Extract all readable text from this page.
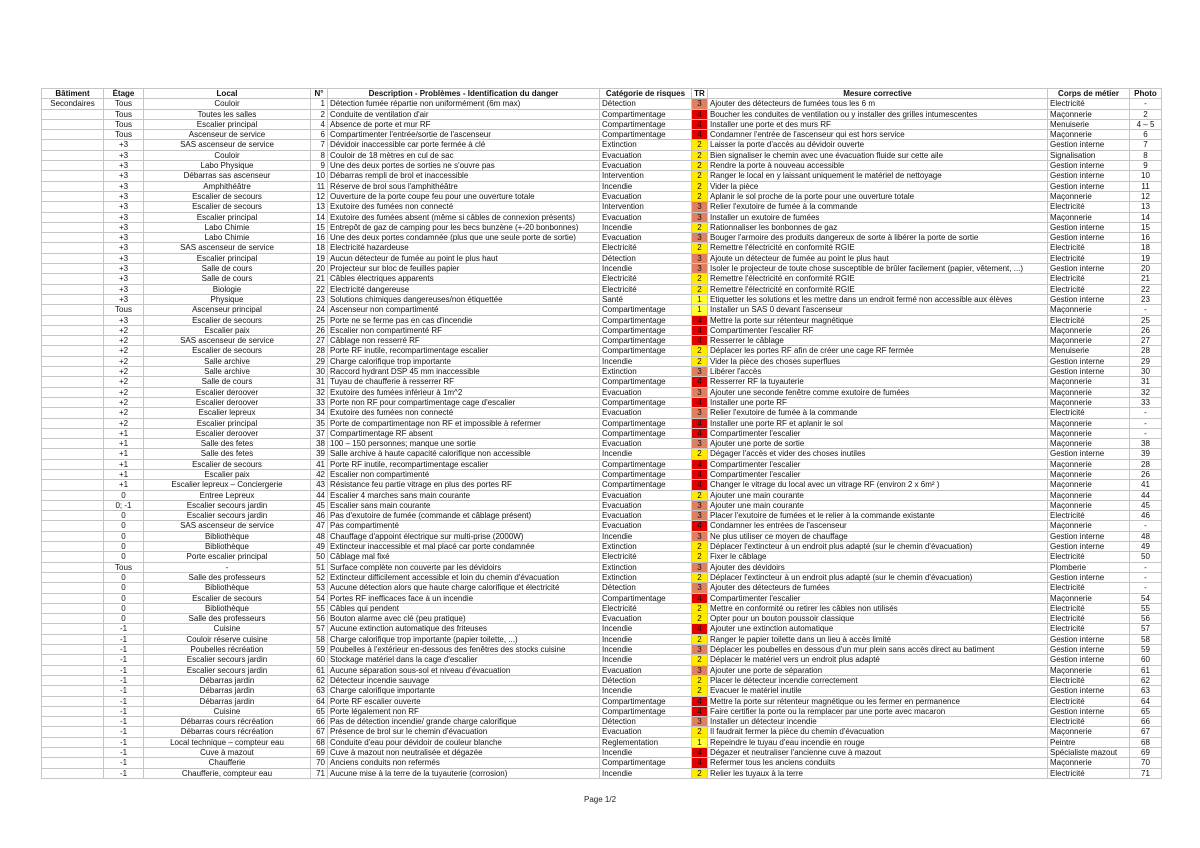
Bâtiment	Étage	Local	N°	Description - Problèmes - Identification du danger	Catégorie de risques	TR	Mesure corrective	Corps de métier	Photo
Secondaires	Tous	Couloir	1	Détection fumée répartie non uniformément (6m max)	Détection	3	Ajouter des détecteurs de fumées tous les 6 m	Electricité	-
	Tous	Toutes les salles	2	Conduite de ventilation d'air	Compartimentage	4	Boucher les conduites de ventilation ou y installer des grilles intumescentes	Maçonnerie	2
	Tous	Escalier principal	4	Absence de porte et mur RF	Compartimentage	4	Installer une porte et des murs RF	Menuiserie	4 – 5
	Tous	Ascenseur de service	6	Compartimenter l'entrée/sortie de l'ascenseur	Compartimentage	4	Condamner l'entrée de l'ascenseur qui est hors service	Maçonnerie	6
	+3	SAS ascenseur de service	7	Dévidoir inaccessible car porte fermée à clé	Extinction	2	Laisser la porte d'accès au dévidoir ouverte	Gestion interne	7
	+3	Couloir	8	Couloir de 18 mètres en cul de sac	Evacuation	2	Bien signaliser le chemin avec une évacuation fluide sur cette aile	Signalisation	8
	+3	Labo Physique	9	Une des deux portes de sorties ne s'ouvre pas	Evacuation	2	Rendre la porte à nouveau accessible	Gestion interne	9
	+3	Débarras sas ascenseur	10	Débarras rempli de brol et inaccessible	Intervention	2	Ranger le local en y laissant uniquement le matériel de nettoyage	Gestion interne	10
	+3	Amphithéâtre	11	Réserve de brol sous l'amphithéâtre	Incendie	2	Vider la pièce	Gestion interne	11
	+3	Escalier de secours	12	Ouverture de la porte coupe feu pour une ouverture totale	Evacuation	2	Aplanir le sol proche de la porte pour une ouverture totale	Maçonnerie	12
	+3	Escalier de secours	13	Exutoire des fumées non connecté	Intervention	3	Relier l'exutoire de fumée à la commande	Electricité	13
	+3	Escalier principal	14	Exutoire des fumées absent (même si câbles de connexion présents)	Evacuation	3	Installer un exutoire de fumées	Maçonnerie	14
	+3	Labo Chimie	15	Entrepôt de gaz de camping pour les becs bunzène (+-20 bonbonnes)	Incendie	2	Rationnaliser les bonbonnes de gaz	Gestion interne	15
	+3	Labo Chimie	16	Une des deux portes condamnée (plus que une seule porte de sortie)	Evacuation	3	Bouger l'armoire des produits dangereux de sorte à libérer la porte de sortie	Gestion interne	16
	+3	SAS ascenseur de service	18	Electricité hazardeuse	Electricité	2	Remettre l'électricité en conformité RGIE	Electricité	18
	+3	Escalier principal	19	Aucun détecteur de fumée au point le plus haut	Détection	3	Ajoute un détecteur de fumée au point le plus haut	Electricité	19
	+3	Salle de cours	20	Projecteur sur bloc de feuilles papier	Incendie	3	Isoler le projecteur de toute chose susceptible de brûler facilement (papier, vêtement, ...)	Gestion interne	20
	+3	Salle de cours	21	Câbles électriques apparents	Electricité	2	Remettre l'électricité en conformité RGIE	Electricité	21
	+3	Biologie	22	Electricité dangereuse	Electricité	2	Remettre l'électricité en conformité RGIE	Electricité	22
	+3	Physique	23	Solutions chimiques dangereuses/non étiquettée	Santé	1	Etiquetter les solutions et les mettre dans un endroit fermé non accessible aux élèves	Gestion interne	23
	Tous	Ascenseur principal	24	Ascenseur non compartimenté	Compartimentage	1	Installer un SAS 0 devant l'ascenseur	Maçonnerie	-
	+3	Escalier de secours	25	Porte ne se ferme pas en cas d'incendie	Compartimentage	4	Mettre la porte sur rétenteur magnétique	Electricité	25
	+2	Escalier paix	26	Escalier non compartimenté RF	Compartimentage	4	Compartimenter l'escalier RF	Maçonnerie	26
	+2	SAS ascenseur de service	27	Câblage non resserré RF	Compartimentage	4	Resserrer le câblage	Maçonnerie	27
	+2	Escalier de secours	28	Porte RF inutile, recompartimentage escalier	Compartimentage	2	Déplacer les portes RF afin de créer une cage RF fermée	Menuiserie	28
	+2	Salle archive	29	Charge calorifique trop importante	Incendie	2	Vider la pièce des choses superflues	Gestion interne	29
	+2	Salle archive	30	Raccord hydrant DSP 45 mm inaccessible	Extinction	3	Libérer l'accès	Gestion interne	30
	+2	Salle de cours	31	Tuyau de chaufferie à resserrer RF	Compartimentage	4	Resserrer RF la tuyauterie	Maçonnerie	31
	+2	Escalier deroover	32	Exutoire des fumées inférieur à 1m^2	Evacuation	3	Ajouter une seconde fenêtre comme exutoire de fumées	Maçonnerie	32
	+2	Escalier deroover	33	Porte non RF pour compartimentage cage d'escalier	Compartimentage	4	Installer une porte RF	Maçonnerie	33
	+2	Escalier lepreux	34	Exutoire des fumées non connecté	Evacuation	3	Relier l'exutoire de fumée à la commande	Electricité	-
	+2	Escalier principal	35	Porte de compartimentage non RF et impossible à refermer	Compartimentage	4	Installer une porte RF et aplanir le sol	Maçonnerie	-
	+1	Escalier deroover	37	Compartimentage RF absent	Compartimentage	4	Compartimenter l'escalier	Maçonnerie	-
	+1	Salle des fetes	38	100 – 150 personnes; manque une sortie	Evacuation	3	Ajouter une porte de sortie	Maçonnerie	38
	+1	Salle des fetes	39	Salle archive à haute capacité calorifique non accessible	Incendie	2	Dégager l'accès et vider des choses inutiles	Gestion interne	39
	+1	Escalier de secours	41	Porte RF inutile, recompartimentage escalier	Compartimentage	4	Compartimenter l'escalier	Maçonnerie	28
	+1	Escalier paix	42	Escalier non compartimenté	Compartimentage	4	Compartimenter l'escalier	Maçonnerie	26
	+1	Escalier lepreux – Conciergerie	43	Résistance feu partie vitrage en plus des portes RF	Compartimentage	4	Changer le vitrage du local avec un vitrage RF (environ 2 x 6m² )	Maçonnerie	41
	0	Entree Lepreux	44	Escalier 4 marches sans main courante	Evacuation	2	Ajouter une main courante	Maçonnerie	44
	0; -1	Escalier secours jardin	45	Escalier sans main courante	Evacuation	3	Ajouter une main courante	Maçonnerie	45
	0	Escalier secours jardin	46	Pas d'exutoire de fumée (commande et câblage présent)	Evacuation	3	Placer l'exutoire de fumées et le relier à la commande existante	Electricité	46
	0	SAS ascenseur de service	47	Pas compartimenté	Evacuation	4	Condamner les entrées de l'ascenseur	Maçonnerie	-
	0	Bibliothèque	48	Chauffage d'appoint électrique sur multi-prise (2000W)	Incendie	3	Ne plus utiliser ce moyen de chauffage	Gestion interne	48
	0	Bibliothèque	49	Extincteur inaccessible et mal placé car porte condamnée	Extinction	2	Déplacer l'extincteur à un endroit plus adapté (sur le chemin d'évacuation)	Gestion interne	49
	0	Porte escalier principal	50	Câblage mal fixé	Electricité	2	Fixer le câblage	Electricité	50
	Tous	-	51	Surface complète non couverte par les dévidoirs	Extinction	3	Ajouter des dévidoirs	Plomberie	-
	0	Salle des professeurs	52	Extincteur difficilement accessible et loin du chemin d'évacuation	Extinction	2	Déplacer l'extincteur à un endroit plus adapté (sur le chemin d'évacuation)	Gestion interne	-
	0	Bibliothèque	53	Aucune détection alors que haute charge calorifique et électricité	Détection	3	Ajouter des détecteurs de fumées	Electricité	-
	0	Escalier de secours	54	Portes RF inefficaces face à un incendie	Compartimentage	4	Compartimenter l'escalier	Maçonnerie	54
	0	Bibliothèque	55	Câbles qui pendent	Electricité	2	Mettre en conformité ou retirer les câbles non utilisés	Electricité	55
	0	Salle des professeurs	56	Bouton alarme avec clé (peu pratique)	Evacuation	2	Opter pour un bouton poussoir classique	Electricité	56
	-1	Cuisine	57	Aucune extinction automatique des friteuses	Incendie	4	Ajouter une extinction automatique	Electricité	57
	-1	Couloir réserve cuisine	58	Charge calorifique trop importante (papier toilette, ...)	Incendie	2	Ranger le papier toilette dans un lieu à accès limité	Gestion interne	58
	-1	Poubelles récréation	59	Poubelles à l'extérieur en-dessous des fenêtres des stocks cuisine	Incendie	3	Déplacer les poubelles en dessous d'un mur plein sans accès direct au batiment	Gestion interne	59
	-1	Escalier secours jardin	60	Stockage matériel dans la cage d'escalier	Incendie	2	Déplacer le matériel vers un endroit plus adapté	Gestion interne	60
	-1	Escalier secours jardin	61	Aucune séparation sous-sol et niveau d'évacuation	Evacuation	3	Ajouter une porte de séparation	Maçonnerie	61
	-1	Débarras jardin	62	Détecteur incendie sauvage	Détection	2	Placer le détecteur incendie correctement	Electricité	62
	-1	Débarras jardin	63	Charge calorifique importante	Incendie	2	Evacuer le matériel inutile	Gestion interne	63
	-1	Débarras jardin	64	Porte RF escalier ouverte	Compartimentage	4	Mettre la porte sur rétenteur magnétique ou les fermer en permanence	Electricité	64
	-1	Cuisine	65	Porte légalement non RF	Compartimentage	4	Faire certifier la porte ou la remplacer par une porte avec macaron	Gestion interne	65
	-1	Débarras cours récréation	66	Pas de détection incendie/ grande charge calorifique	Détection	3	Installer un détecteur incendie	Electricité	66
	-1	Débarras cours récréation	67	Présence de brol sur le chemin d'évacuation	Evacuation	2	Il faudrait fermer la pièce du chemin d'évacuation	Maçonnerie	67
	-1	Local technique – compteur eau	68	Conduite d'eau pour dévidoir de couleur blanche	Reglementation	1	Repeindre le tuyau d'eau incendie en rouge	Peintre	68
	-1	Cuve à mazout	69	Cuve à mazout non neutralisée et dégazée	Incendie	4	Dégazer et neutraliser l'ancienne cuve à mazout	Spécialiste mazout	69
	-1	Chaufferie	70	Anciens conduits non refermés	Compartimentage	4	Refermer tous les anciens conduits	Maçonnerie	70
	-1	Chaufferie, compteur eau	71	Aucune mise à la terre de la tuyauterie (corrosion)	Incendie	2	Relier les tuyaux à la terre	Electricité	71
Page 1/2
